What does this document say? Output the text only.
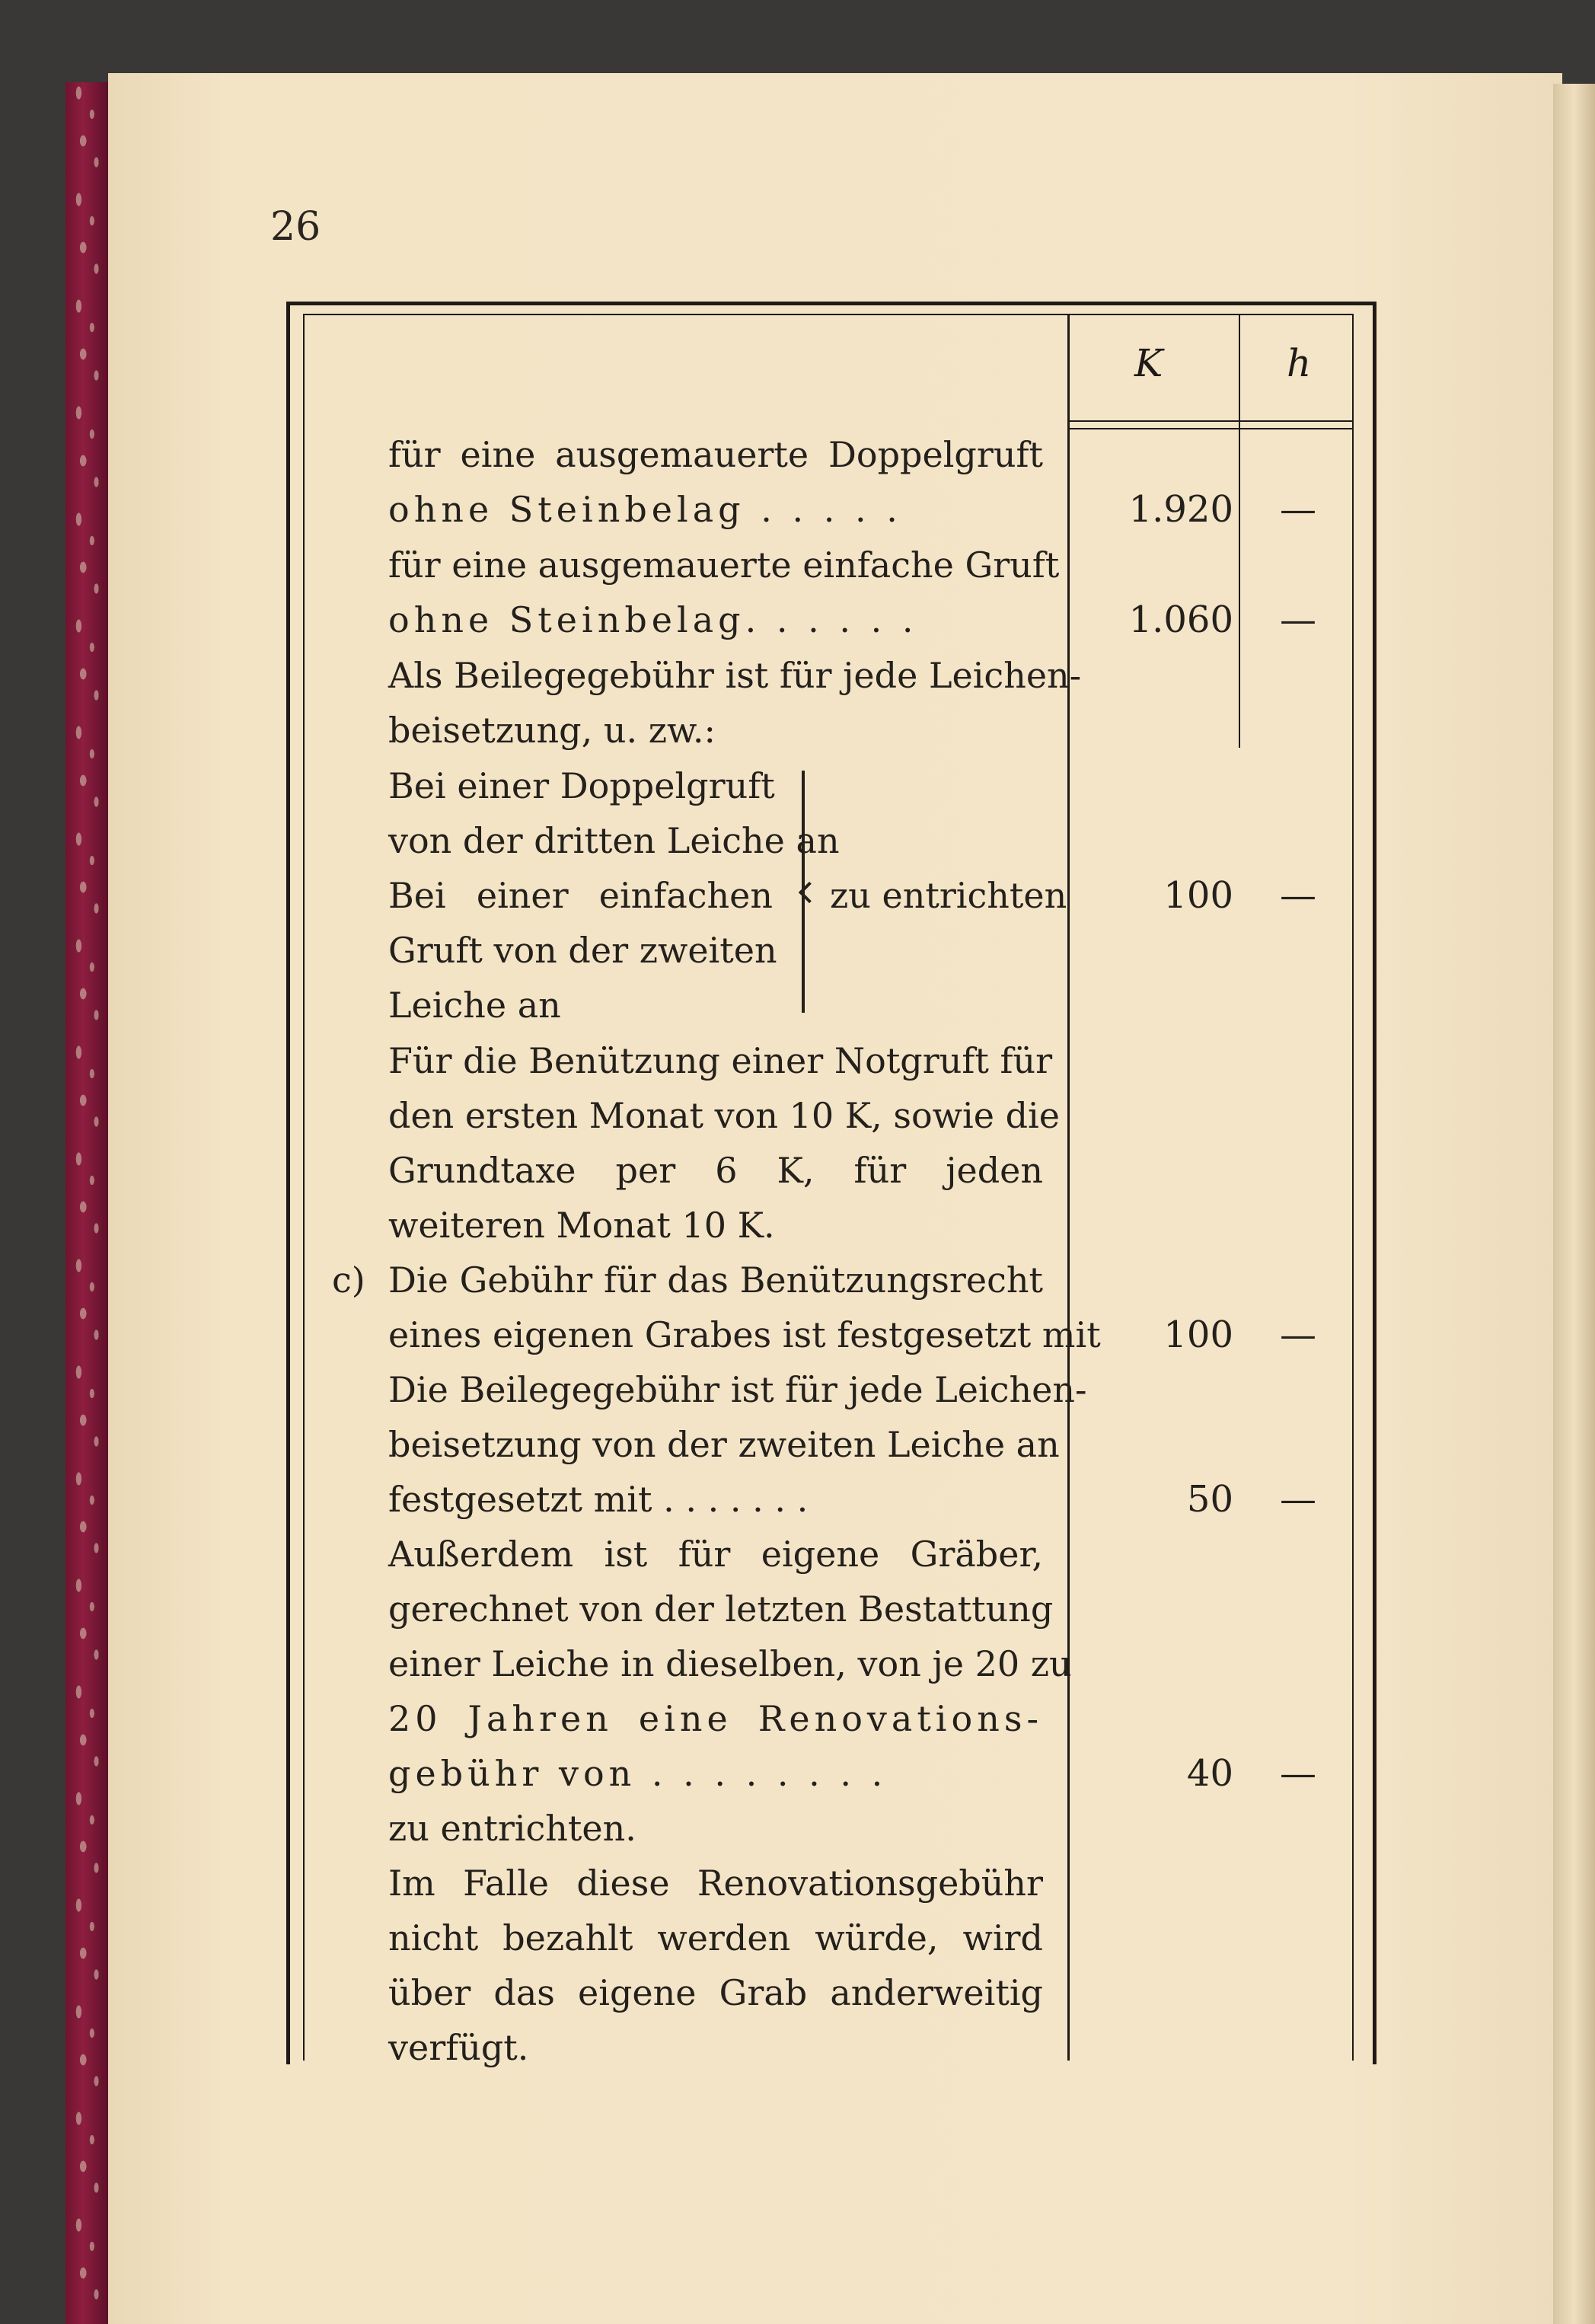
26
K	h
für eine ausgemauerte Doppelgruft
ohne Steinbelag . . . . .	1.920	—
für eine ausgemauerte einfache Gruft
ohne Steinbelag. . . . . .	1.060	—
Als Beilegegebühr ist für jede Leichen-
beisetzung, u. zw.:
Bei einer Doppelgruft
von der dritten Leiche an
Bei einer einfachen
Gruft von der zweiten
Leiche an
zu entrichten	100	—
Für die Benützung einer Notgruft für
den ersten Monat von 10 K, sowie die
Grundtaxe per 6 K, für jeden
weiteren Monat 10 K.
c) Die Gebühr für das Benützungsrecht
eines eigenen Grabes ist festgesetzt mit	100	—
Die Beilegegebühr ist für jede Leichen-
beisetzung von der zweiten Leiche an
festgesetzt mit . . . . . . .	50	—
Außerdem ist für eigene Gräber,
gerechnet von der letzten Bestattung
einer Leiche in dieselben, von je 20 zu
20 Jahren eine Renovations-
gebühr von . . . . . . . .	40	—
zu entrichten.
Im Falle diese Renovationsgebühr
nicht bezahlt werden würde, wird
über das eigene Grab anderweitig
verfügt.
